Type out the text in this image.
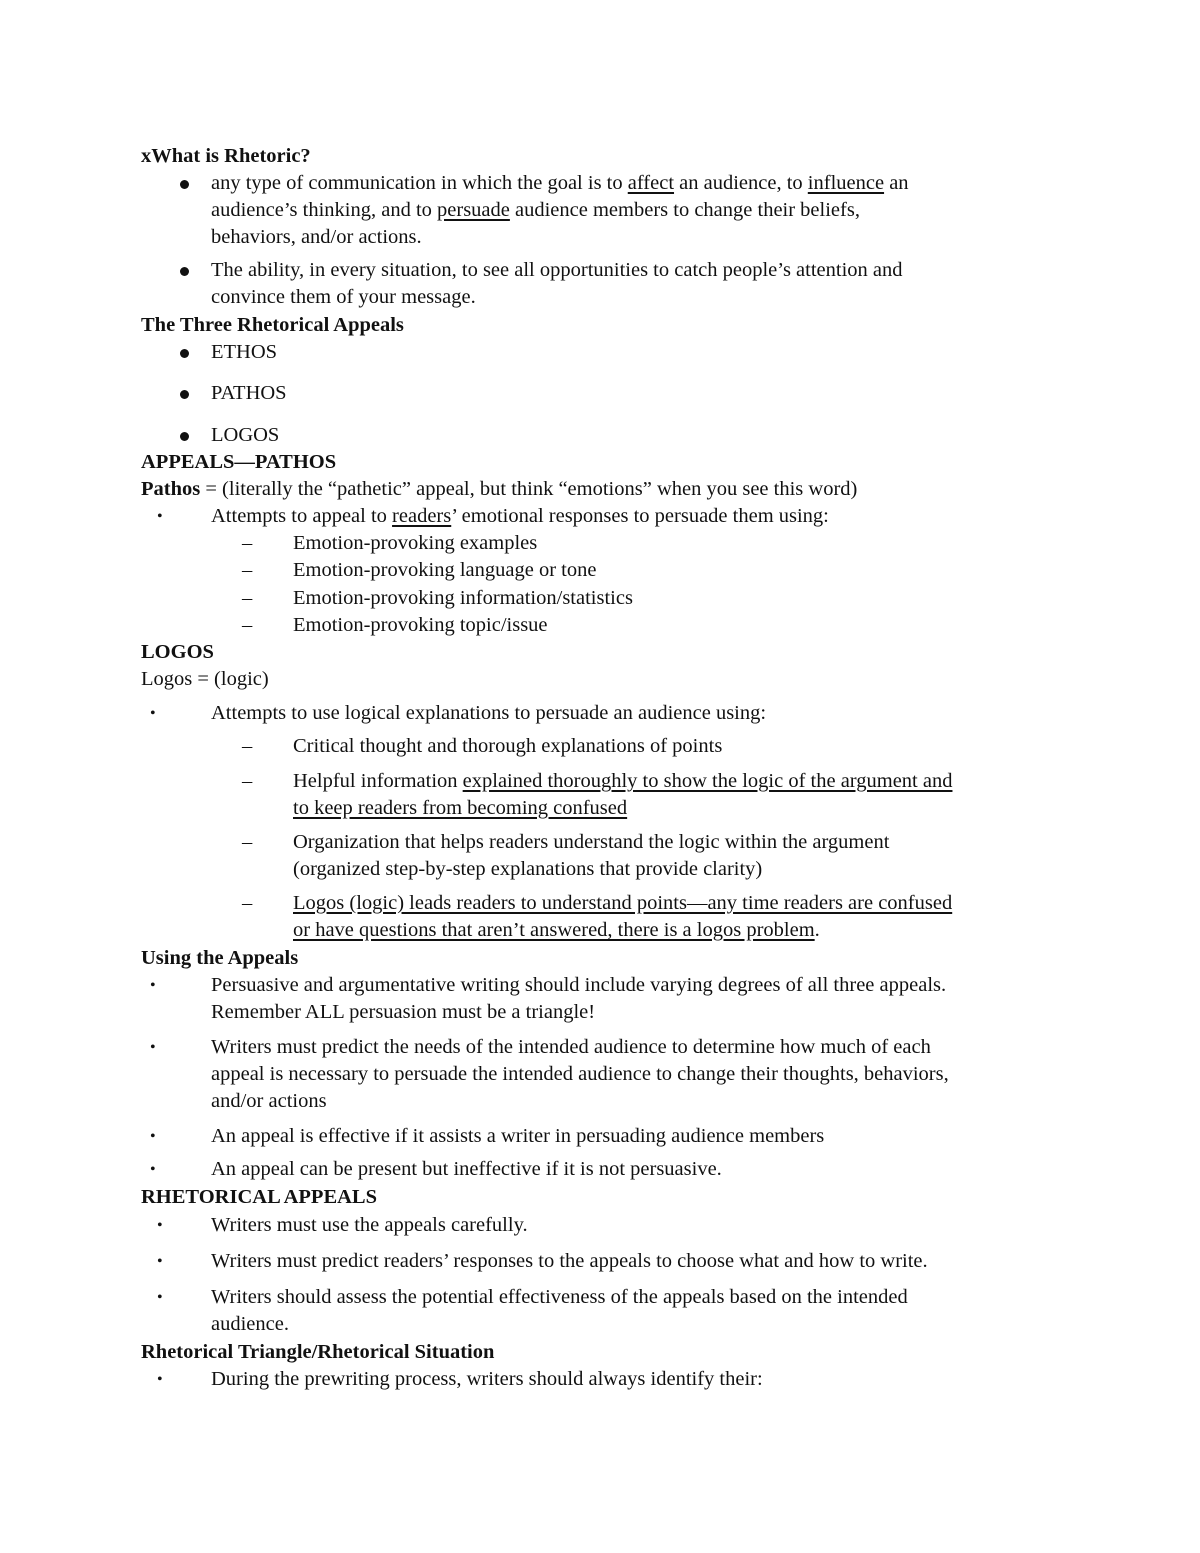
xWhat is Rhetoric?
any type of communication in which the goal is to affect an audience, to influence an
audience’s thinking, and to persuade audience members to change their beliefs,
behaviors, and/or actions.
The ability, in every situation, to see all opportunities to catch people’s attention and
convince them of your message.
The Three Rhetorical Appeals
ETHOS
PATHOS
LOGOS
APPEALS—PATHOS
Pathos = (literally the “pathetic” appeal, but think “emotions” when you see this word)
• Attempts to appeal to readers’ emotional responses to persuade them using:
– Emotion-provoking examples
– Emotion-provoking language or tone
– Emotion-provoking information/statistics
– Emotion-provoking topic/issue
LOGOS
Logos = (logic)
•	Attempts to use logical explanations to persuade an audience using:
– Critical thought and thorough explanations of points
– Helpful information explained thoroughly to show the logic of the argument and
to keep readers from becoming confused
– Organization that helps readers understand the logic within the argument
(organized step-by-step explanations that provide clarity)
– Logos (logic) leads readers to understand points—any time readers are confused
or have questions that aren’t answered, there is a logos problem.
Using the Appeals
•	Persuasive and argumentative writing should include varying degrees of all three appeals.
Remember ALL persuasion must be a triangle!
•	Writers must predict the needs of the intended audience to determine how much of each
appeal is necessary to persuade the intended audience to change their thoughts, behaviors,
and/or actions
•	An appeal is effective if it assists a writer in persuading audience members
•	An appeal can be present but ineffective if it is not persuasive.
RHETORICAL APPEALS
• Writers must use the appeals carefully.
• Writers must predict readers’ responses to the appeals to choose what and how to write.
• Writers should assess the potential effectiveness of the appeals based on the intended
audience.
Rhetorical Triangle/Rhetorical Situation
• During the prewriting process, writers should always identify their:
